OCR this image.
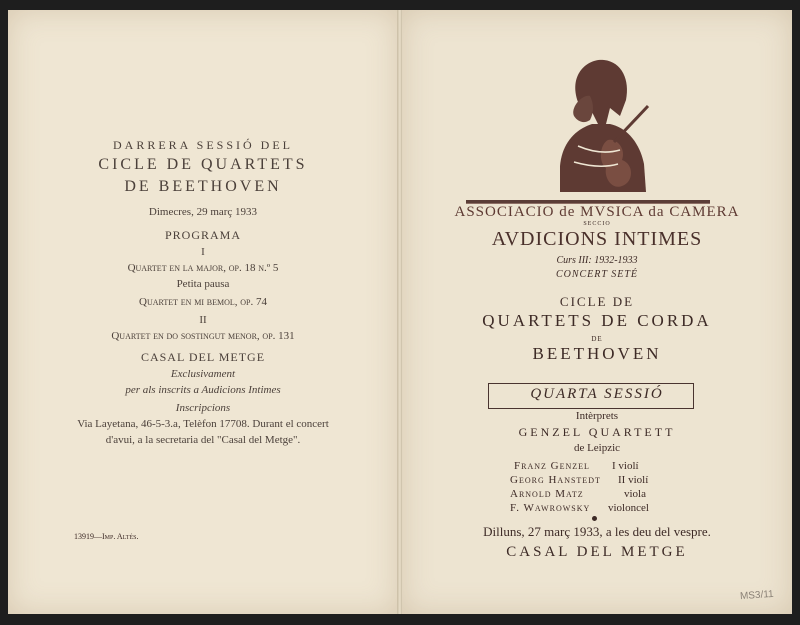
DARRERA SESSIÓ DEL
CICLE DE QUARTETS
DE BEETHOVEN
Dimecres, 29 març 1933
PROGRAMA
I
Quartet en la major, op. 18 n.º 5
Petita pausa
Quartet en mi bemol, op. 74
II
Quartet en do sostingut menor, op. 131
CASAL DEL METGE
Exclusivament
per als inscrits a Audicions Intimes
Inscripcions
Via Layetana, 46-5-3.a, Telèfon 17708. Durant el concert
d'avui, a la secretaria del "Casal del Metge".
13919—Imp. Altés.
ASSOCIACIO de MVSICA da CAMERA
SECCIO
AVDICIONS INTIMES
Curs III: 1932-1933
CONCERT SETÉ
CICLE DE
QUARTETS DE CORDA
DE
BEETHOVEN
QUARTA SESSIÓ
Intèrprets
GENZEL QUARTETT
de Leipzic
Franz Genzel I violí
Georg Hanstedt II violí
Arnold Matz	viola
F. Wawrowsky violoncel
Dilluns, 27 març 1933, a les deu del vespre.
CASAL DEL METGE
MS3/11
